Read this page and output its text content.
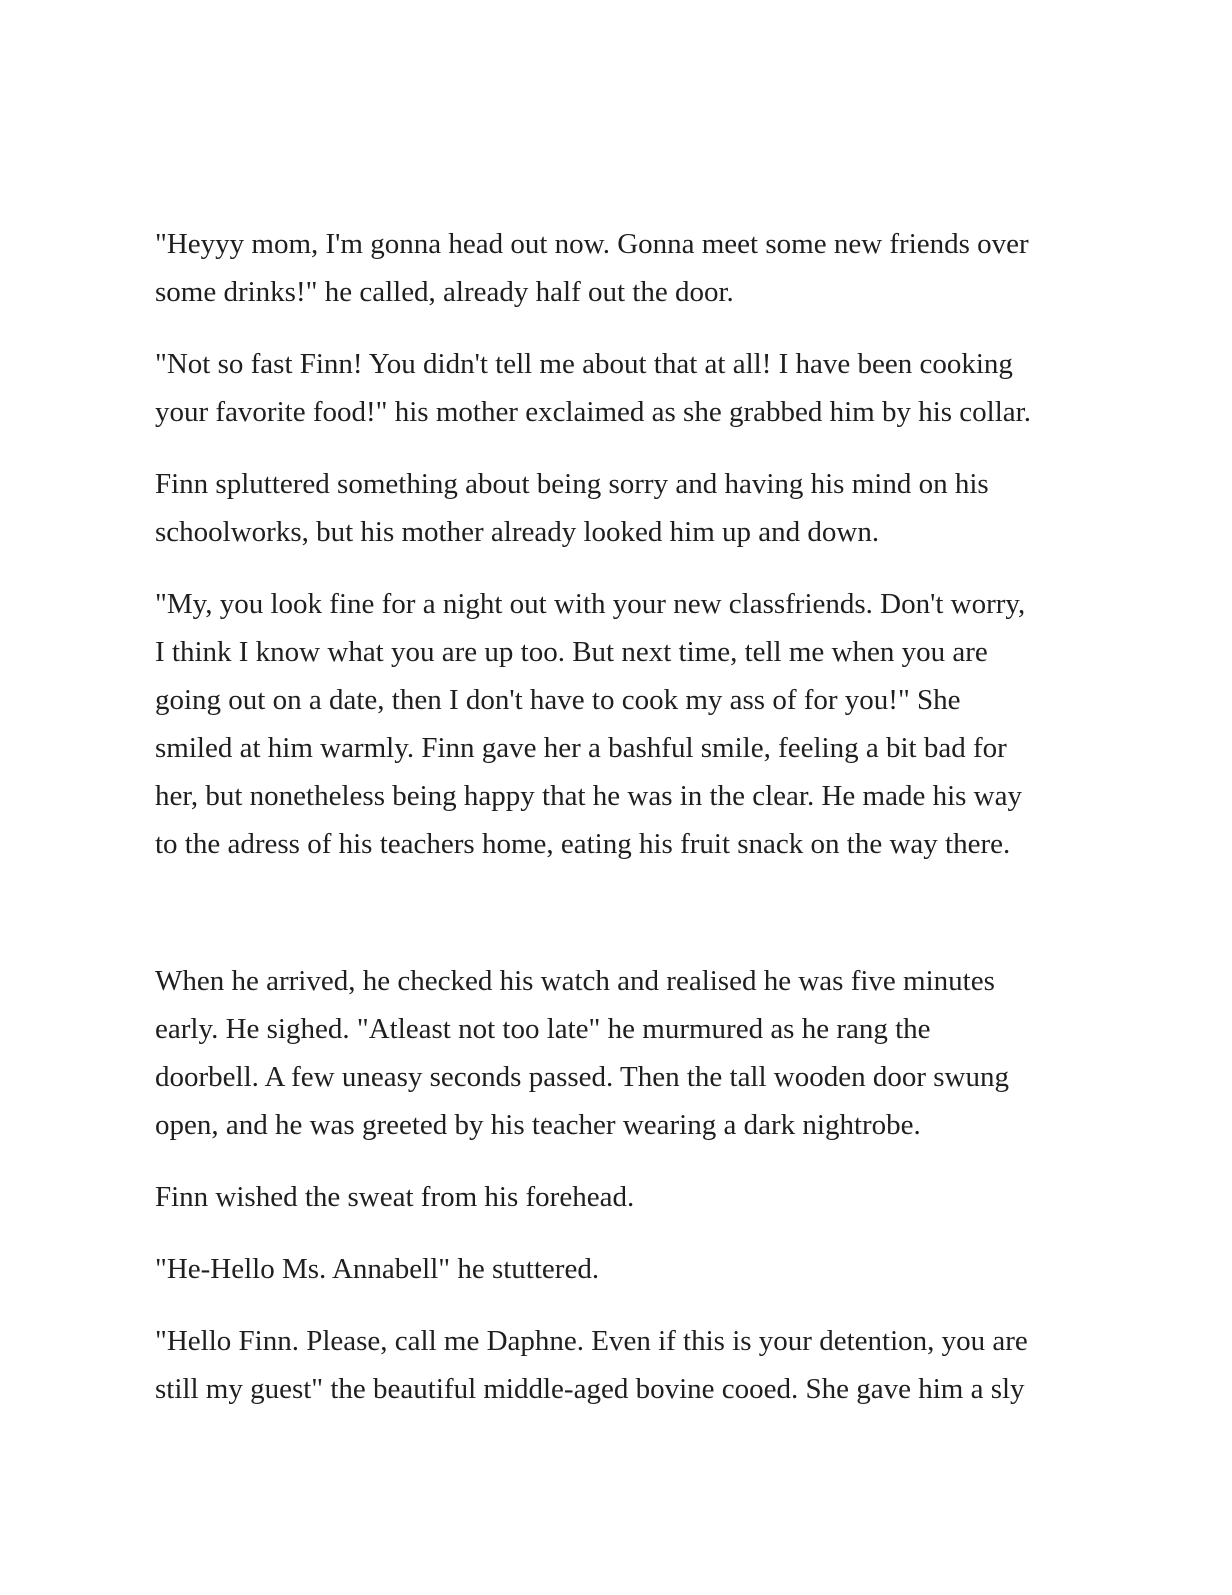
"Heyyy mom, I'm gonna head out now. Gonna meet some new friends over

some drinks!" he called, already half out the door.

"Not so fast Finn! You didn't tell me about that at all! I have been cooking

your favorite food!" his mother exclaimed as she grabbed him by his collar.

Finn spluttered something about being sorry and having his mind on his

schoolworks, but his mother already looked him up and down.

"My, you look fine for a night out with your new classfriends. Don't worry,

I think I know what you are up too. But next time, tell me when you are

going out on a date, then I don't have to cook my ass of for you!" She

smiled at him warmly. Finn gave her a bashful smile, feeling a bit bad for

her, but nonetheless being happy that he was in the clear. He made his way

to the adress of his teachers home, eating his fruit snack on the way there.

When he arrived, he checked his watch and realised he was five minutes

early. He sighed. "Atleast not too late" he murmured as he rang the

doorbell. A few uneasy seconds passed. Then the tall wooden door swung

open, and he was greeted by his teacher wearing a dark nightrobe.

Finn wished the sweat from his forehead.

"He-Hello Ms. Annabell" he stuttered.

"Hello Finn. Please, call me Daphne. Even if this is your detention, you are

still my guest" the beautiful middle-aged bovine cooed. She gave him a sly
